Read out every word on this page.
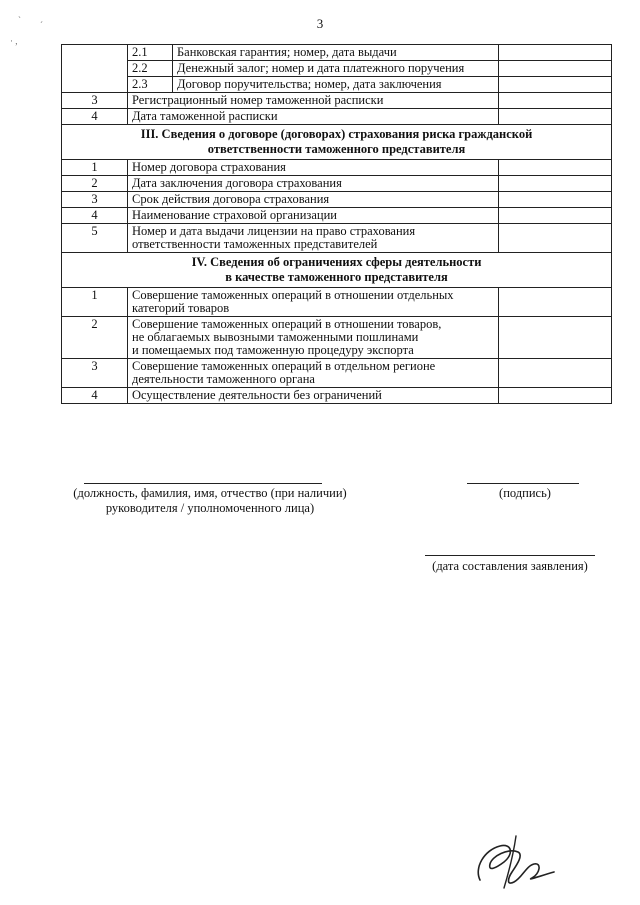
3
ˎ
ˊ
· ,
	2.1	Банковская гарантия; номер, дата выдачи	
	2.2	Денежный залог; номер и дата платежного поручения	
	2.3	Договор поручительства; номер, дата заключения	
3	Регистрационный номер таможенной расписки		
4	Дата таможенной расписки		

III. Сведения о договоре (договорах) страхования риска гражданской
ответственности таможенного представителя			

1	Номер договора страхования		
2	Дата заключения договора страхования		
3	Срок действия договора страхования		
4	Наименование страховой организации		
5	Номер и дата выдачи лицензии на право страхования
ответственности таможенных представителей		

IV. Сведения об ограничениях сферы деятельности
в качестве таможенного представителя			

1	Совершение таможенных операций в отношении отдельных
категорий товаров		

2	Совершение таможенных операций в отношении товаров,
не облагаемых вывозными таможенными пошлинами
и помещаемых под таможенную процедуру экспорта		

3	Совершение таможенных операций в отдельном регионе
деятельности таможенного органа		

4	Осуществление деятельности без ограничений		
(должность, фамилия, имя, отчество (при наличии)
руководителя / уполномоченного лица)
(подпись)
(дата составления заявления)
